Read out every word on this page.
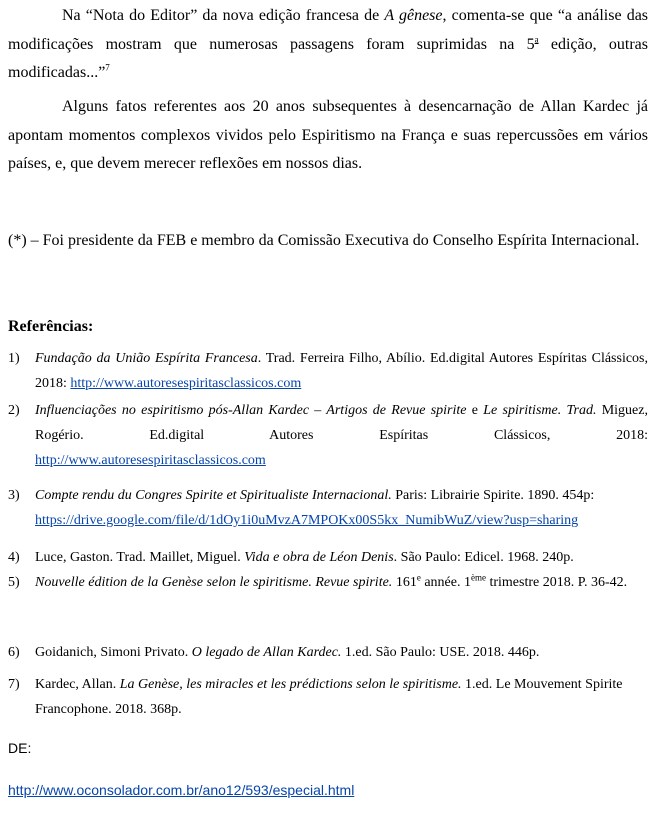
Na “Nota do Editor” da nova edição francesa de A gênese, comenta-se que “a análise das modificações mostram que numerosas passagens foram suprimidas na 5$^a$ edição, outras modificadas...”$^7$

Alguns fatos referentes aos 20 anos subsequentes à desencarnação de Allan Kardec já apontam momentos complexos vividos pelo Espiritismo na França e suas repercussões em vários países, e, que devem merecer reflexões em nossos dias.

(*) – Foi presidente da FEB e membro da Comissão Executiva do Conselho Espírita Internacional.

Referências:
1)	Fundação da União Espírita Francesa. Trad. Ferreira Filho, Abílio. Ed.digital Autores Espíritas Clássicos, 2018: http://www.autoresespiritasclassicos.com
2)	Influenciações no espiritismo pós-Allan Kardec – Artigos de Revue spirite e Le spiritisme. Trad. Miguez, Rogério. Ed.digital Autores Espíritas Clássicos, 2018:
http://www.autoresespiritasclassicos.com
3)	Compte rendu du Congres Spirite et Spiritualiste Internacional. Paris: Librairie Spirite. 1890. 454p:
https://drive.google.com/file/d/1dOy1i0uMvzA7MPOKx00S5kx_NumibWuZ/view?usp=sharing
4)	Luce, Gaston. Trad. Maillet, Miguel. Vida e obra de Léon Denis. São Paulo: Edicel. 1968. 240p.
5)	Nouvelle édition de la Genèse selon le spiritisme. Revue spirite. 161e année. 1ème trimestre 2018. P. 36-42.
6)	Goidanich, Simoni Privato. O legado de Allan Kardec. 1.ed. São Paulo: USE. 2018. 446p.
7)	Kardec, Allan. La Genèse, les miracles et les prédictions selon le spiritisme. 1.ed. Le Mouvement Spirite Francophone. 2018. 368p.
DE:
http://www.oconsolador.com.br/ano12/593/especial.html
